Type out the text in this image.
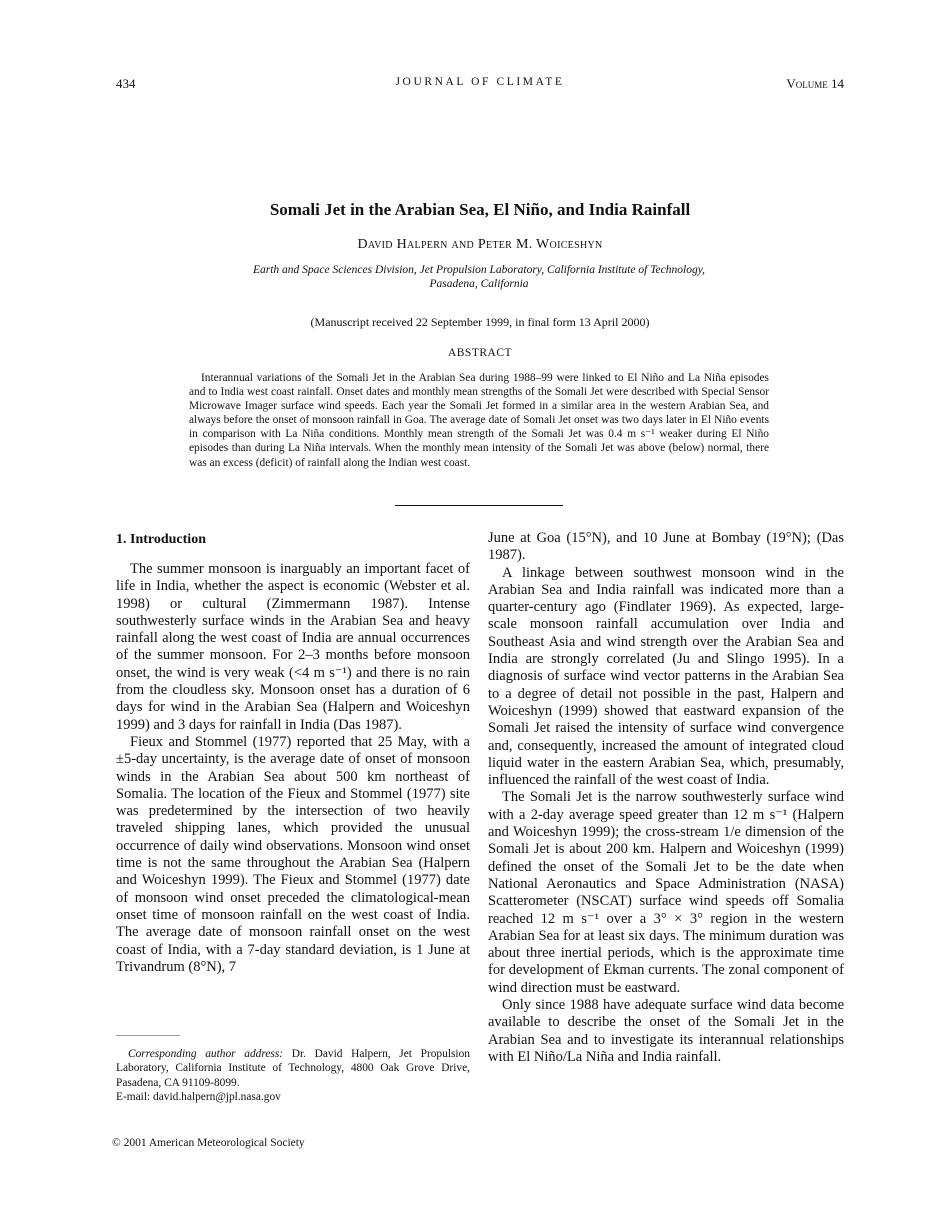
434	JOURNAL OF CLIMATE	Volume 14
Somali Jet in the Arabian Sea, El Niño, and India Rainfall
David Halpern and Peter M. Woiceshyn
Earth and Space Sciences Division, Jet Propulsion Laboratory, California Institute of Technology,
Pasadena, California
(Manuscript received 22 September 1999, in final form 13 April 2000)
ABSTRACT

Interannual variations of the Somali Jet in the Arabian Sea during 1988–99 were linked to El Niño and La Niña episodes and to India west coast rainfall. Onset dates and monthly mean strengths of the Somali Jet were described with Special Sensor Microwave Imager surface wind speeds. Each year the Somali Jet formed in a similar area in the western Arabian Sea, and always before the onset of monsoon rainfall in Goa. The average date of Somali Jet onset was two days later in El Niño events in comparison with La Niña conditions. Monthly mean strength of the Somali Jet was 0.4 m s⁻¹ weaker during El Niño episodes than during La Niña intervals. When the monthly mean intensity of the Somali Jet was above (below) normal, there was an excess (deficit) of rainfall along the Indian west coast.

1. Introduction

The summer monsoon is inarguably an important facet of life in India, whether the aspect is economic (Webster et al. 1998) or cultural (Zimmermann 1987). Intense southwesterly surface winds in the Arabian Sea and heavy rainfall along the west coast of India are annual occurrences of the summer monsoon. For 2–3 months before monsoon onset, the wind is very weak (<4 m s⁻¹) and there is no rain from the cloudless sky. Monsoon onset has a duration of 6 days for wind in the Arabian Sea (Halpern and Woiceshyn 1999) and 3 days for rainfall in India (Das 1987).

Fieux and Stommel (1977) reported that 25 May, with a ±5-day uncertainty, is the average date of onset of monsoon winds in the Arabian Sea about 500 km northeast of Somalia. The location of the Fieux and Stommel (1977) site was predetermined by the intersection of two heavily traveled shipping lanes, which provided the unusual occurrence of daily wind observations. Monsoon wind onset time is not the same throughout the Arabian Sea (Halpern and Woiceshyn 1999). The Fieux and Stommel (1977) date of monsoon wind onset preceded the climatological-mean onset time of monsoon rainfall on the west coast of India. The average date of monsoon rainfall onset on the west coast of India, with a 7-day standard deviation, is 1 June at Trivandrum (8°N), 7

June at Goa (15°N), and 10 June at Bombay (19°N); (Das 1987).

A linkage between southwest monsoon wind in the Arabian Sea and India rainfall was indicated more than a quarter-century ago (Findlater 1969). As expected, large-scale monsoon rainfall accumulation over India and Southeast Asia and wind strength over the Arabian Sea and India are strongly correlated (Ju and Slingo 1995). In a diagnosis of surface wind vector patterns in the Arabian Sea to a degree of detail not possible in the past, Halpern and Woiceshyn (1999) showed that eastward expansion of the Somali Jet raised the intensity of surface wind convergence and, consequently, increased the amount of integrated cloud liquid water in the eastern Arabian Sea, which, presumably, influenced the rainfall of the west coast of India.

The Somali Jet is the narrow southwesterly surface wind with a 2-day average speed greater than 12 m s⁻¹ (Halpern and Woiceshyn 1999); the cross-stream 1/e dimension of the Somali Jet is about 200 km. Halpern and Woiceshyn (1999) defined the onset of the Somali Jet to be the date when National Aeronautics and Space Administration (NASA) Scatterometer (NSCAT) surface wind speeds off Somalia reached 12 m s⁻¹ over a 3° × 3° region in the western Arabian Sea for at least six days. The minimum duration was about three inertial periods, which is the approximate time for development of Ekman currents. The zonal component of wind direction must be eastward.

Only since 1988 have adequate surface wind data become available to describe the onset of the Somali Jet in the Arabian Sea and to investigate its interannual relationships with El Niño/La Niña and India rainfall.

Corresponding author address: Dr. David Halpern, Jet Propulsion Laboratory, California Institute of Technology, 4800 Oak Grove Drive, Pasadena, CA 91109-8099.
E-mail: david.halpern@jpl.nasa.gov

© 2001 American Meteorological Society
